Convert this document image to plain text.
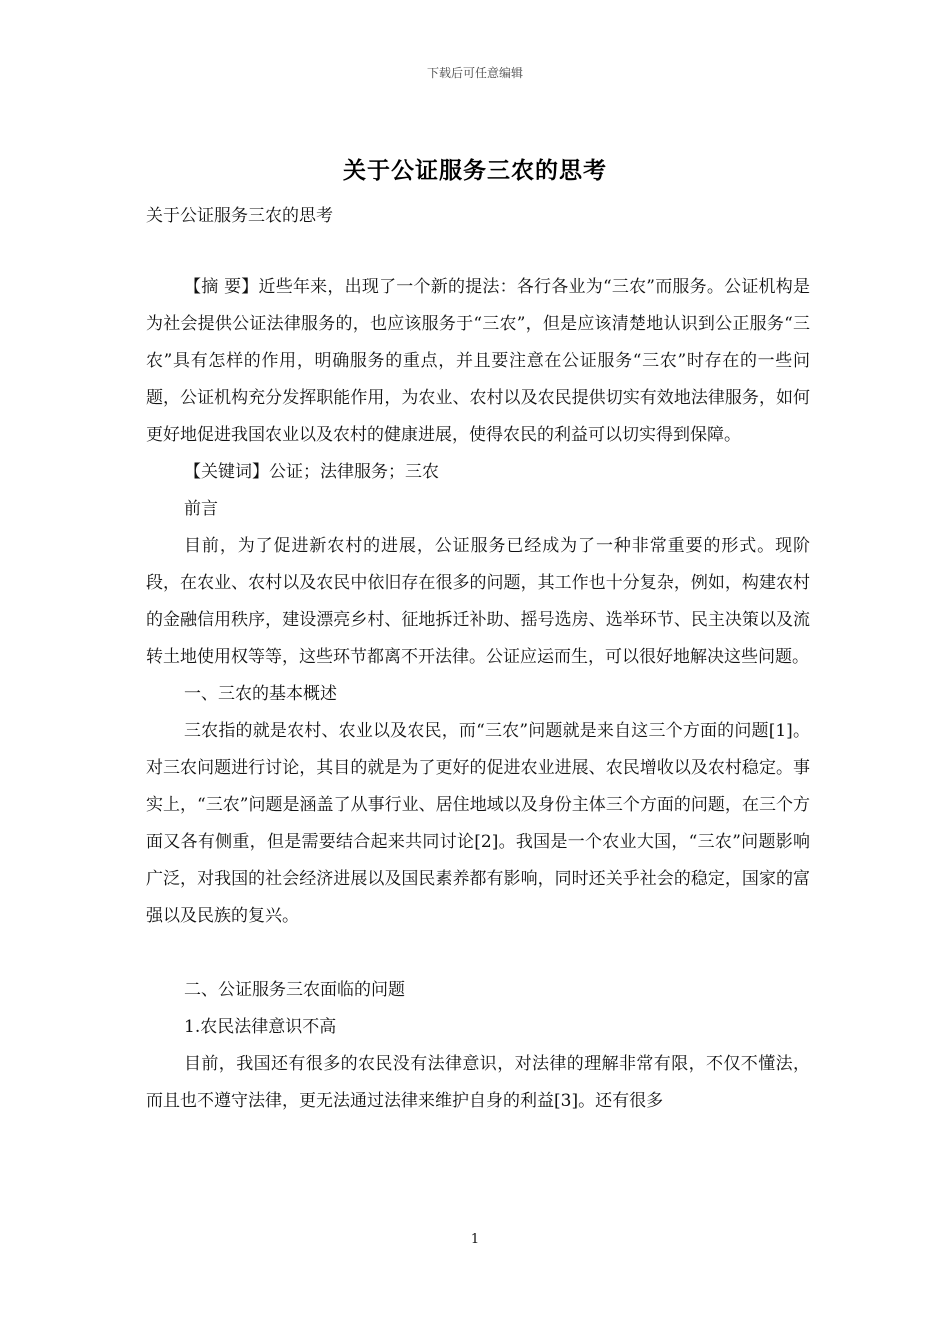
下载后可任意编辑
关于公证服务三农的思考
关于公证服务三农的思考

【摘 要】近些年来，出现了一个新的提法：各行各业为“三农”而服务。公证机构是为社会提供公证法律服务的，也应该服务于“三农”，但是应该清楚地认识到公正服务“三农”具有怎样的作用，明确服务的重点，并且要注意在公证服务“三农”时存在的一些问题，公证机构充分发挥职能作用，为农业、农村以及农民提供切实有效地法律服务，如何更好地促进我国农业以及农村的健康进展，使得农民的利益可以切实得到保障。

【关键词】公证；法律服务；三农

前言

目前，为了促进新农村的进展，公证服务已经成为了一种非常重要的形式。现阶段，在农业、农村以及农民中依旧存在很多的问题，其工作也十分复杂，例如，构建农村的金融信用秩序，建设漂亮乡村、征地拆迁补助、摇号选房、选举环节、民主决策以及流转土地使用权等等，这些环节都离不开法律。公证应运而生，可以很好地解决这些问题。

一、三农的基本概述

三农指的就是农村、农业以及农民，而“三农”问题就是来自这三个方面的问题[1]。对三农问题进行讨论，其目的就是为了更好的促进农业进展、农民增收以及农村稳定。事实上，“三农”问题是涵盖了从事行业、居住地域以及身份主体三个方面的问题，在三个方面又各有侧重，但是需要结合起来共同讨论[2]。我国是一个农业大国，“三农”问题影响广泛，对我国的社会经济进展以及国民素养都有影响，同时还关乎社会的稳定，国家的富强以及民族的复兴。

二、公证服务三农面临的问题

1.农民法律意识不高

目前，我国还有很多的农民没有法律意识，对法律的理解非常有限，不仅不懂法，而且也不遵守法律，更无法通过法律来维护自身的利益[3]。还有很多

1
